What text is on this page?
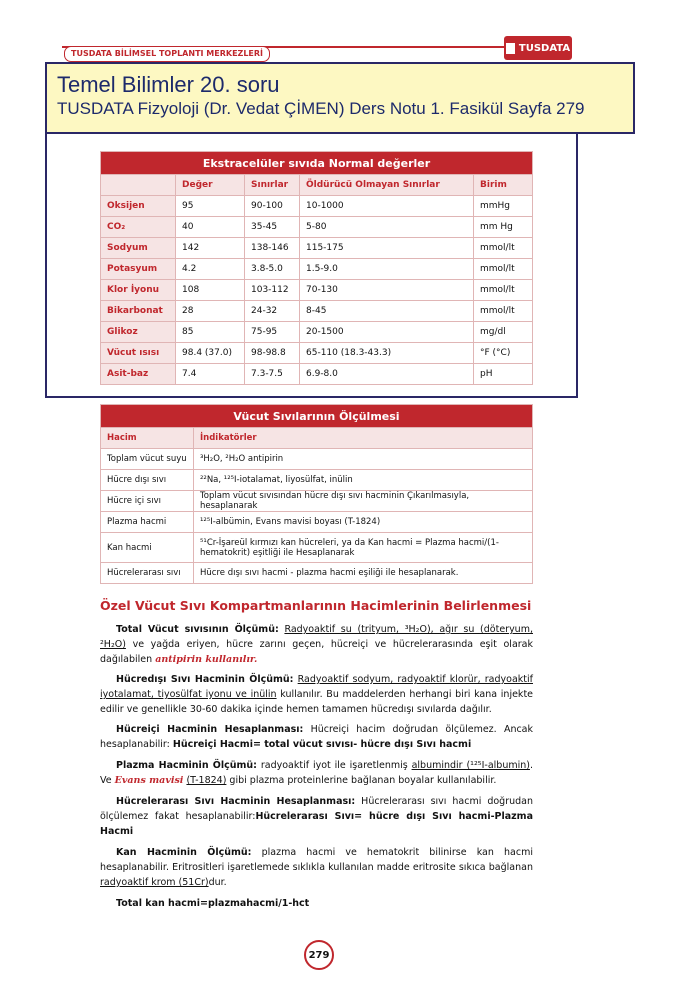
TUSDATA BİLİMSEL TOPLANTI MERKEZLERİ	TUSDATA
Temel Bilimler 20. soru
TUSDATA Fizyoloji (Dr. Vedat ÇİMEN) Ders Notu 1. Fasikül Sayfa 279
Ekstracelüler sıvıda Normal değerler				
	Değer	Sınırlar	Öldürücü Olmayan Sınırlar	Birim
Oksijen	95	90-100	10-1000	mmHg
CO₂	40	35-45	5-80	mm Hg
Sodyum	142	138-146	115-175	mmol/lt
Potasyum	4.2	3.8-5.0	1.5-9.0	mmol/lt
Klor İyonu	108	103-112	70-130	mmol/lt
Bikarbonat	28	24-32	8-45	mmol/lt
Glikoz	85	75-95	20-1500	mg/dl
Vücut ısısı	98.4 (37.0)	98-98.8	65-110 (18.3-43.3)	°F (°C)
Asit-baz	7.4	7.3-7.5	6.9-8.0	pH
Vücut Sıvılarının Ölçülmesi	
Hacim	İndikatörler
Toplam vücut suyu	³H₂O, ²H₂O antipirin
Hücre dışı sıvı	²²Na, ¹²⁵I-iotalamat, liyosülfat, inülin
Hücre içi sıvı	Toplam vücut sıvısından hücre dışı sıvı hacminin Çıkarılmasıyla, hesaplanarak
Plazma hacmi	¹²⁵I-albümin, Evans mavisi boyası (T-1824)
Kan hacmi	⁵¹Cr-İşareül kırmızı kan hücreleri, ya da Kan hacmi = Plazma hacmi/(1-hematokrit) eşitliği ile Hesaplanarak
Hücrelerarası sıvı	Hücre dışı sıvı hacmi - plazma hacmi eşiliği ile hesaplanarak.
Özel Vücut Sıvı Kompartmanlarının Hacimlerinin Belirlenmesi
Total Vücut sıvısının Ölçümü: Radyoaktif su (trityum, ³H₂O), ağır su (döteryum, ²H₂O) ve yağda eriyen, hücre zarını geçen, hücreiçi ve hücrelerarasında eşit olarak dağılabilen antipirin kullanılır.
Hücredışı Sıvı Hacminin Ölçümü: Radyoaktif sodyum, radyoaktif klorür, radyoaktif iyotalamat, tiyosülfat iyonu ve inülin kullanılır. Bu maddelerden herhangi biri kana injekte edilir ve genellikle 30-60 dakika içinde hemen tamamen hücredışı sıvılarda dağılır.
Hücreiçi Hacminin Hesaplanması: Hücreiçi hacim doğrudan ölçülemez. Ancak hesaplanabilir: Hücreiçi Hacmi= total vücut sıvısı- hücre dışı Sıvı hacmi
Plazma Hacminin Ölçümü: radyoaktif iyot ile işaretlenmiş albumindir (¹²⁵I-albumin). Ve Evans mavisi (T-1824) gibi plazma proteinlerine bağlanan boyalar kullanılabilir.
Hücrelerarası Sıvı Hacminin Hesaplanması: Hücrelerarası sıvı hacmi doğrudan ölçülemez fakat hesaplanabilir:Hücrelerarası Sıvı= hücre dışı Sıvı hacmi-Plazma Hacmi
Kan Hacminin Ölçümü: plazma hacmi ve hematokrit bilinirse kan hacmi hesaplanabilir. Eritrositleri işaretlemede sıklıkla kullanılan madde eritrosite sıkıca bağlanan radyoaktif krom (51Cr)dur.
Total kan hacmi=plazmahacmi/1-hct
279
